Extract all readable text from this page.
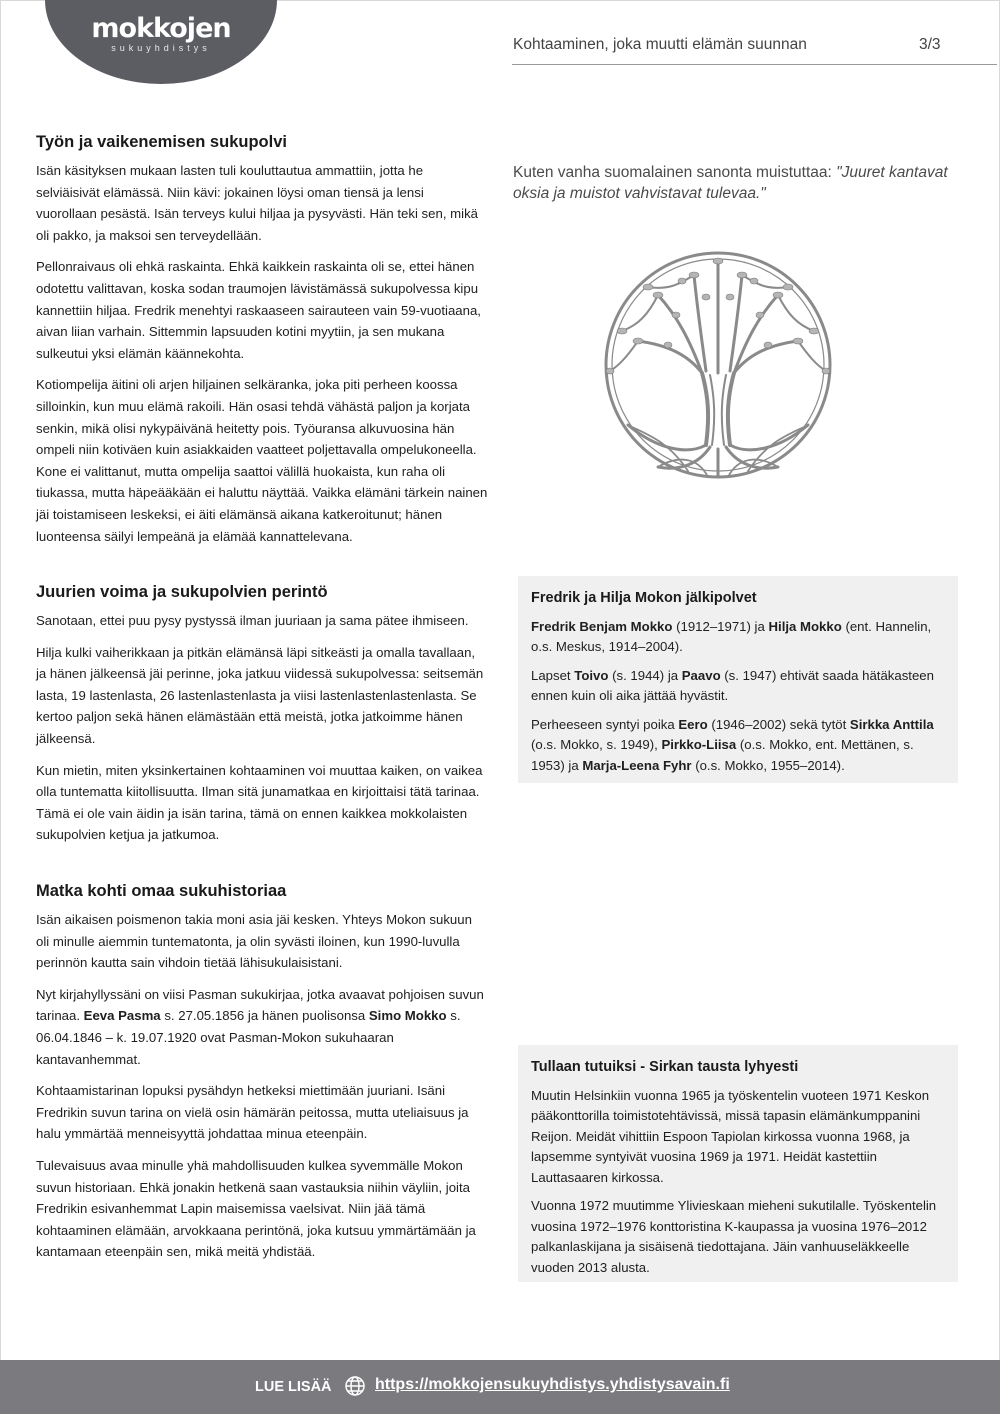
mokkojen
sukuyhdistys	Kohtaaminen, joka muutti elämän suunnan	3/3
Työn ja vaikenemisen sukupolvi

Isän käsityksen mukaan lasten tuli kouluttautua ammattiin, jotta he selviäisivät elämässä. Niin kävi: jokainen löysi oman tiensä ja lensi vuorollaan pesästä. Isän terveys kului hiljaa ja pysyvästi. Hän teki sen, mikä oli pakko, ja maksoi sen terveydellään.

Pellonraivaus oli ehkä raskainta. Ehkä kaikkein raskainta oli se, ettei hänen odotettu valittavan, koska sodan traumojen lävistämässä sukupolvessa kipu kannettiin hiljaa. Fredrik menehtyi raskaaseen sairauteen vain 59-vuotiaana, aivan liian varhain. Sittemmin lapsuuden kotini myytiin, ja sen mukana sulkeutui yksi elämän käännekohta.

Kotiompelija äitini oli arjen hiljainen selkäranka, joka piti perheen koossa silloinkin, kun muu elämä rakoili. Hän osasi tehdä vähästä paljon ja korjata senkin, mikä olisi nykypäivänä heitetty pois. Työuransa alkuvuosina hän ompeli niin kotiväen kuin asiakkaiden vaatteet poljettavalla ompelukoneella. Kone ei valittanut, mutta ompelija saattoi välillä huokaista, kun raha oli tiukassa, mutta häpeääkään ei haluttu näyttää. Vaikka elämäni tärkein nainen jäi toistamiseen leskeksi, ei äiti elämänsä aikana katkeroitunut; hänen luonteensa säilyi lempeänä ja elämää kannattelevana.

Juurien voima ja sukupolvien perintö

Sanotaan, ettei puu pysy pystyssä ilman juuriaan ja sama pätee ihmiseen.

Hilja kulki vaiherikkaan ja pitkän elämänsä läpi sitkeästi ja omalla tavallaan, ja hänen jälkeensä jäi perinne, joka jatkuu viidessä sukupolvessa: seitsemän lasta, 19 lastenlasta, 26 lastenlastenlasta ja viisi lastenlastenlastenlasta. Se kertoo paljon sekä hänen elämästään että meistä, jotka jatkoimme hänen jälkeensä.

Kun mietin, miten yksinkertainen kohtaaminen voi muuttaa kaiken, on vaikea olla tuntematta kiitollisuutta. Ilman sitä junamatkaa en kirjoittaisi tätä tarinaa. Tämä ei ole vain äidin ja isän tarina, tämä on ennen kaikkea mokkolaisten sukupolvien ketjua ja jatkumoa.

Matka kohti omaa sukuhistoriaa

Isän aikaisen poismenon takia moni asia jäi kesken. Yhteys Mokon sukuun oli minulle aiemmin tuntematonta, ja olin syvästi iloinen, kun 1990-luvulla perinnön kautta sain vihdoin tietää lähisukulaisistani.

Nyt kirjahyllyssäni on viisi Pasman sukukirjaa, jotka avaavat pohjoisen suvun tarinaa. Eeva Pasma s. 27.05.1856 ja hänen puolisonsa Simo Mokko s. 06.04.1846 – k. 19.07.1920 ovat Pasman-Mokon sukuhaaran kantavanhemmat.

Kohtaamistarinan lopuksi pysähdyn hetkeksi miettimään juuriani. Isäni Fredrikin suvun tarina on vielä osin hämärän peitossa, mutta uteliaisuus ja halu ymmärtää menneisyyttä johdattaa minua eteenpäin.

Tulevaisuus avaa minulle yhä mahdollisuuden kulkea syvemmälle Mokon suvun historiaan. Ehkä jonakin hetkenä saan vastauksia niihin väyliin, joita Fredrikin esivanhemmat Lapin maisemissa vaelsivat. Niin jää tämä kohtaaminen elämään, arvokkaana perintönä, joka kutsuu ymmärtämään ja kantamaan eteenpäin sen, mikä meitä yhdistää.

Kuten vanha suomalainen sanonta muistuttaa: "Juuret kantavat oksia ja muistot vahvistavat tulevaa."
Fredrik ja Hilja Mokon jälkipolvet

Fredrik Benjam Mokko (1912–1971) ja Hilja Mokko (ent. Hannelin, o.s. Meskus, 1914–2004).

Lapset Toivo (s. 1944) ja Paavo (s. 1947) ehtivät saada hätäkasteen ennen kuin oli aika jättää hyvästit.

Perheeseen syntyi poika Eero (1946–2002) sekä tytöt Sirkka Anttila (o.s. Mokko, s. 1949), Pirkko-Liisa (o.s. Mokko, ent. Mettänen, s. 1953) ja Marja-Leena Fyhr (o.s. Mokko, 1955–2014).

Tullaan tutuiksi - Sirkan tausta lyhyesti

Muutin Helsinkiin vuonna 1965 ja työskentelin vuoteen 1971 Keskon pääkonttorilla toimistotehtävissä, missä tapasin elämänkumppanini Reijon. Meidät vihittiin Espoon Tapiolan kirkossa vuonna 1968, ja lapsemme syntyivät vuosina 1969 ja 1971. Heidät kastettiin Lauttasaaren kirkossa.

Vuonna 1972 muutimme Ylivieskaan mieheni sukutilalle. Työskentelin vuosina 1972–1976 konttoristina K-kaupassa ja vuosina 1976–2012 palkanlaskijana ja sisäisenä tiedottajana. Jäin vanhuuseläkkeelle vuoden 2013 alusta.

LUE LISÄÄ	https://mokkojensukuyhdistys.yhdistysavain.fi
